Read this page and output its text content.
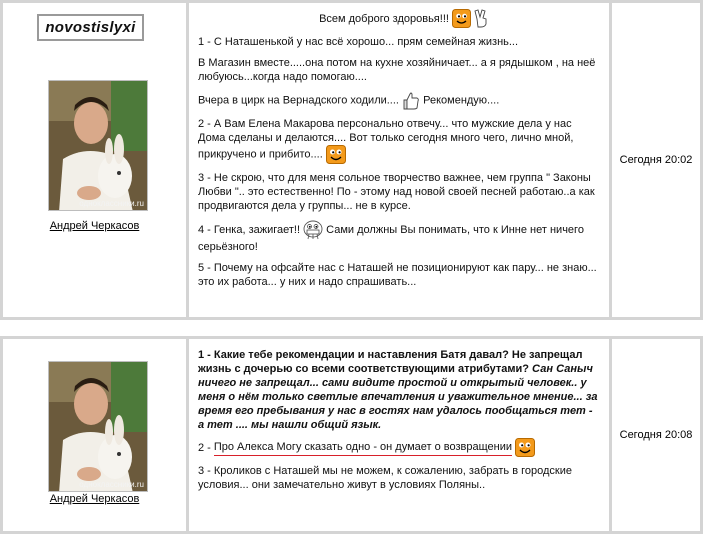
novostislyxi
одноклассники.ru
Андрей Черкасов

Всем доброго здоровья!!!

1 - С Наташенькой у нас всё хорошо... прям семейная жизнь...

В Магазин вместе.....она потом на кухне хозяйничает... а я рядышком , на неё любуюсь...когда надо помогаю....

Вчера в цирк на Вернадского ходили.... Рекомендую....

2 - А Вам Елена Макарова персонально отвечу... что мужские дела у нас Дома сделаны и делаются.... Вот только сегодня много чего, лично мной, прикручено и прибито....

3 - Не скрою, что для меня сольное творчество важнее, чем группа " Законы Любви ".. это естественно! По - этому над новой своей песней работаю..а как продвигаются дела у группы... не в курсе.

4 - Генка, зажигает!! Сами должны Вы понимать, что к Инне нет ничего серьёзного!

5 - Почему на офсайте нас с Наташей не позиционируют как пару... не знаю... это их работа... у них и надо спрашивать...

Сегодня 20:02
одноклассники.ru
Андрей Черкасов

1 - Какие тебе рекомендации и наставления Батя давал? Не запрещал жизнь с дочерью со всеми соответствующими атрибутами? Сан Саныч ничего не запрещал... сами видите простой и открытый человек.. у меня о нём только светлые впечатления и уважительное мнение... за время его пребывания у нас в гостях нам удалось пообщаться тет - а тет .... мы нашли общий язык.

2 - Про Алекса Могу сказать одно - он думает о возвращении

3 - Кроликов с Наташей мы не можем, к сожалению, забрать в городские условия... они замечательно живут в условиях Поляны..

Сегодня 20:08
